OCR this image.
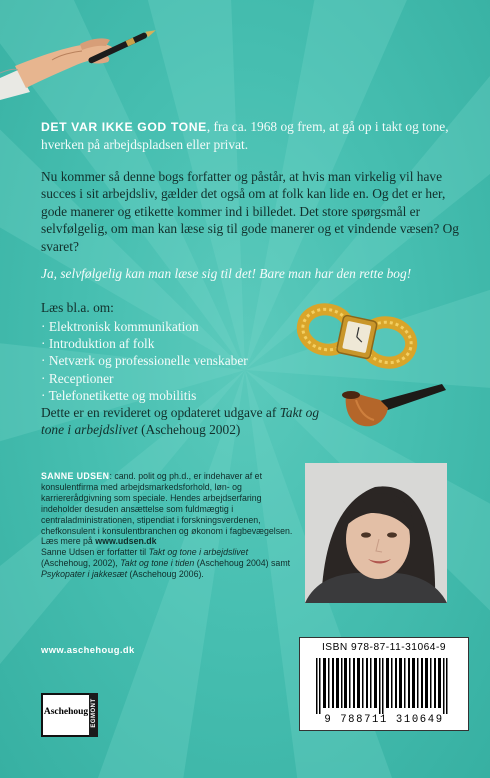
DET VAR IKKE GOD TONE, fra ca. 1968 og frem, at gå op i takt og tone, hverken på arbejdspladsen eller privat.
Nu kommer så denne bogs forfatter og påstår, at hvis man virkelig vil have succes i sit arbejdsliv, gælder det også om at folk kan lide en. Og det er her, gode manerer og etikette kommer ind i billedet. Det store spørgsmål er selvfølgelig, om man kan læse sig til gode manerer og et vindende væsen? Og svaret?
Ja, selvfølgelig kan man læse sig til det! Bare man har den rette bog!
Læs bl.a. om:
· Elektronisk kommunikation
· Introduktion af folk
· Netværk og professionelle venskaber
· Receptioner
· Telefonetikette og mobilitis
Dette er en revideret og opdateret udgave af Takt og tone i arbejdslivet (Aschehoug 2002)
SANNE UDSEN: cand. polit og ph.d., er indehaver af et konsulentfirma med arbejdsmarkedsforhold, løn- og karriererådgivning som speciale. Hendes arbejdserfaring indeholder desuden ansættelse som fuldmægtig i centraladministrationen, stipendiat i forskningsverdenen, chefkonsulent i konsulentbranchen og økonom i fagbevægelsen. Læs mere på www.udsen.dk
Sanne Udsen er forfatter til Takt og tone i arbejdslivet (Aschehoug, 2002), Takt og tone i tiden (Aschehoug 2004) samt Psykopater i jakkesæt (Aschehoug 2006).
www.aschehoug.dk
Aschehoug EGMONT
ISBN 978-87-11-31064-9
9 788711 310649
